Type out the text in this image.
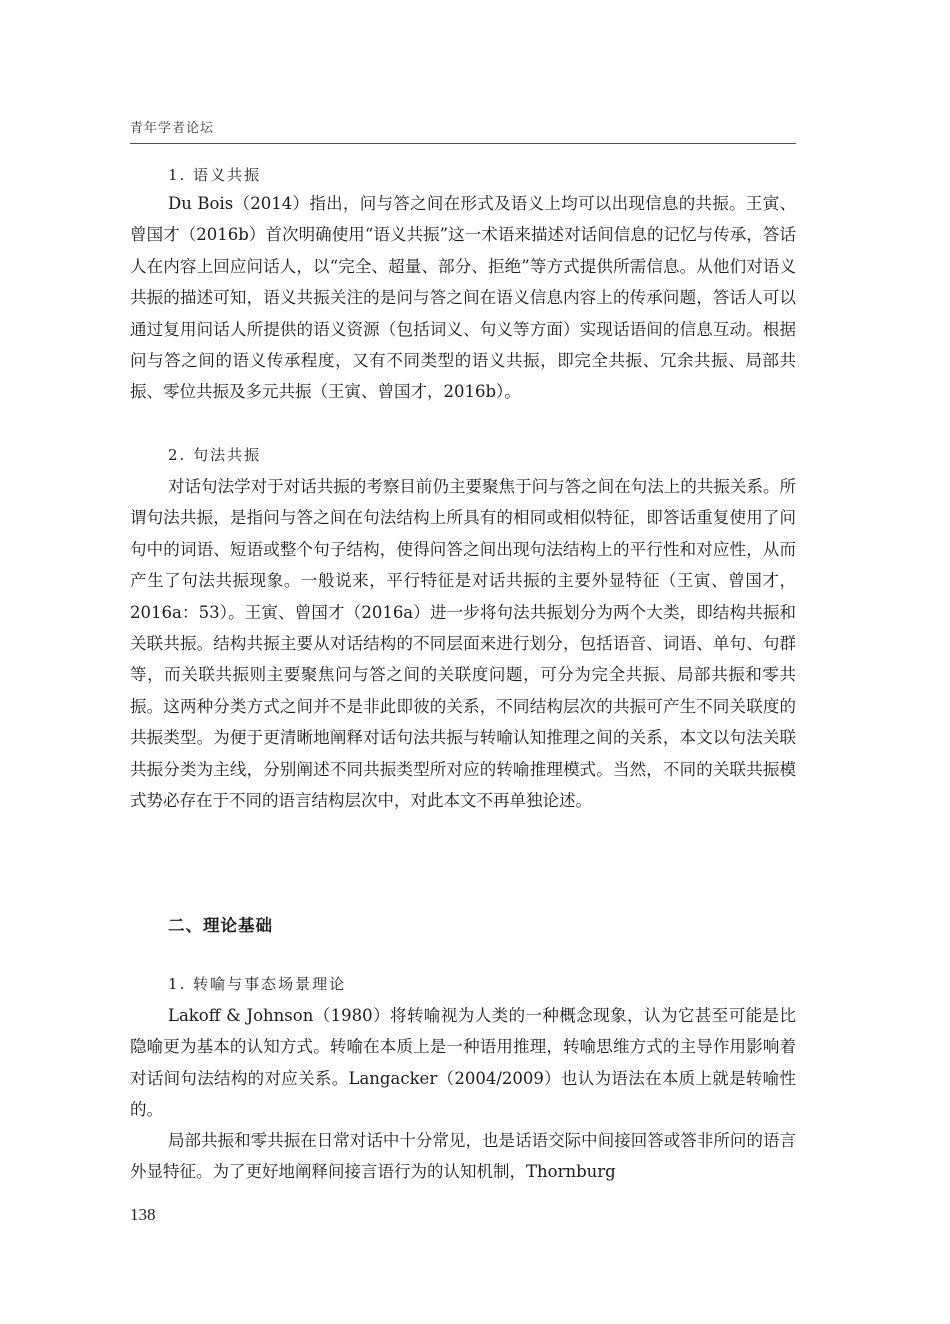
青年学者论坛
1. 语义共振

Du Bois（2014）指出，问与答之间在形式及语义上均可以出现信息的共振。王寅、曾国才（2016b）首次明确使用“语义共振”这一术语来描述对话间信息的记忆与传承，答话人在内容上回应问话人，以“完全、超量、部分、拒绝”等方式提供所需信息。从他们对语义共振的描述可知，语义共振关注的是问与答之间在语义信息内容上的传承问题，答话人可以通过复用问话人所提供的语义资源（包括词义、句义等方面）实现话语间的信息互动。根据问与答之间的语义传承程度，又有不同类型的语义共振，即完全共振、冗余共振、局部共振、零位共振及多元共振（王寅、曾国才，2016b）。

2. 句法共振

对话句法学对于对话共振的考察目前仍主要聚焦于问与答之间在句法上的共振关系。所谓句法共振，是指问与答之间在句法结构上所具有的相同或相似特征，即答话重复使用了问句中的词语、短语或整个句子结构，使得问答之间出现句法结构上的平行性和对应性，从而产生了句法共振现象。一般说来，平行特征是对话共振的主要外显特征（王寅、曾国才，2016a：53）。王寅、曾国才（2016a）进一步将句法共振划分为两个大类，即结构共振和关联共振。结构共振主要从对话结构的不同层面来进行划分，包括语音、词语、单句、句群等，而关联共振则主要聚焦问与答之间的关联度问题，可分为完全共振、局部共振和零共振。这两种分类方式之间并不是非此即彼的关系，不同结构层次的共振可产生不同关联度的共振类型。为便于更清晰地阐释对话句法共振与转喻认知推理之间的关系，本文以句法关联共振分类为主线，分别阐述不同共振类型所对应的转喻推理模式。当然，不同的关联共振模式势必存在于不同的语言结构层次中，对此本文不再单独论述。

二、理论基础
1. 转喻与事态场景理论

Lakoff & Johnson（1980）将转喻视为人类的一种概念现象，认为它甚至可能是比隐喻更为基本的认知方式。转喻在本质上是一种语用推理，转喻思维方式的主导作用影响着对话间句法结构的对应关系。Langacker（2004/2009）也认为语法在本质上就是转喻性的。

局部共振和零共振在日常对话中十分常见，也是话语交际中间接回答或答非所问的语言外显特征。为了更好地阐释间接言语行为的认知机制，Thornburg

138
